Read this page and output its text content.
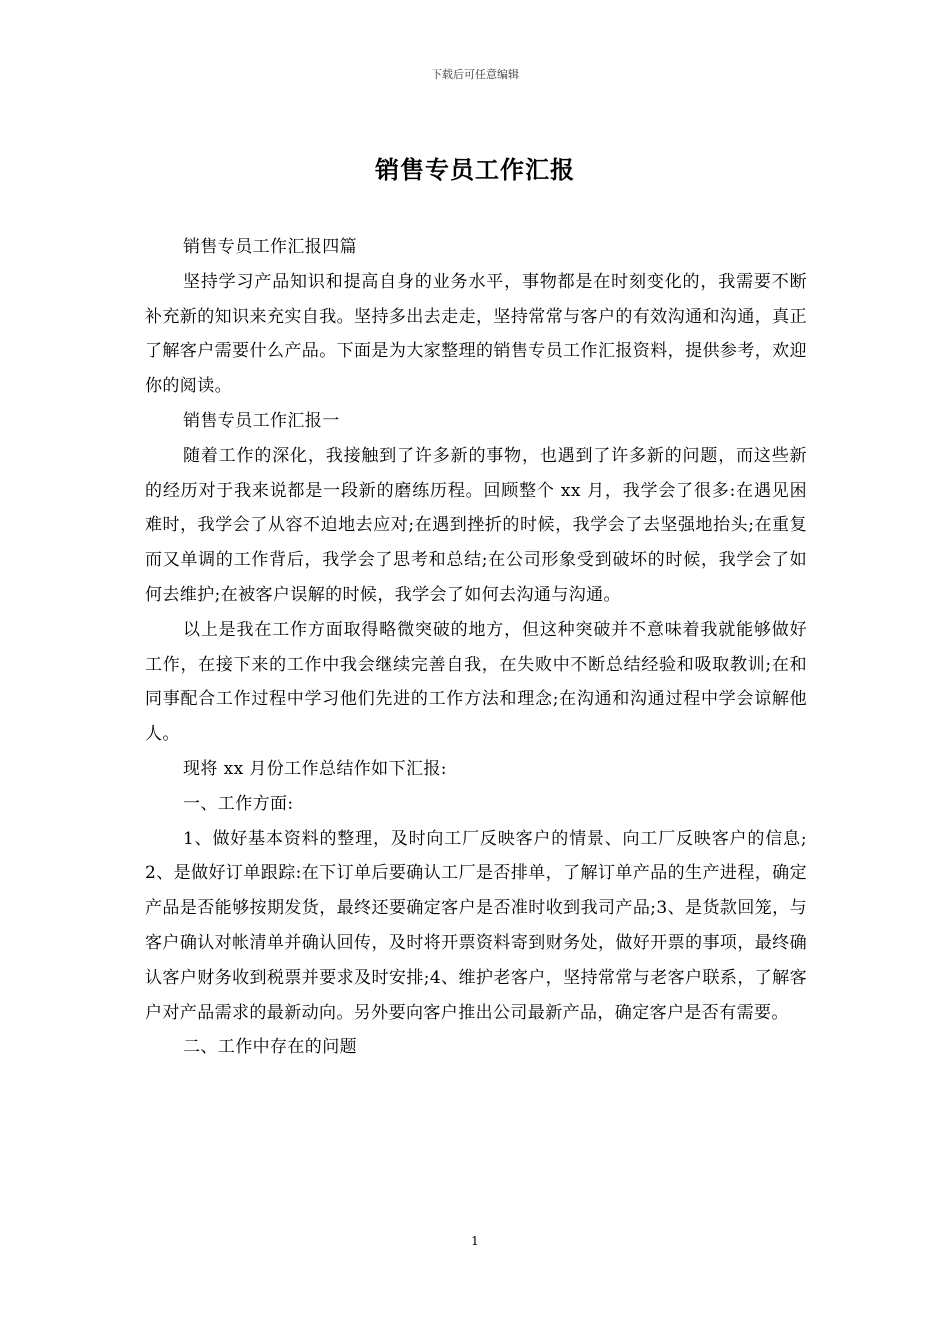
下载后可任意编辑
销售专员工作汇报

销售专员工作汇报四篇

坚持学习产品知识和提高自身的业务水平，事物都是在时刻变化的，我需要不断补充新的知识来充实自我。坚持多出去走走，坚持常常与客户的有效沟通和沟通，真正了解客户需要什么产品。下面是为大家整理的销售专员工作汇报资料，提供参考，欢迎你的阅读。

销售专员工作汇报一

随着工作的深化，我接触到了许多新的事物，也遇到了许多新的问题，而这些新的经历对于我来说都是一段新的磨练历程。回顾整个 xx 月，我学会了很多:在遇见困难时，我学会了从容不迫地去应对;在遇到挫折的时候，我学会了去坚强地抬头;在重复而又单调的工作背后，我学会了思考和总结;在公司形象受到破坏的时候，我学会了如何去维护;在被客户误解的时候，我学会了如何去沟通与沟通。

以上是我在工作方面取得略微突破的地方，但这种突破并不意味着我就能够做好工作，在接下来的工作中我会继续完善自我，在失败中不断总结经验和吸取教训;在和同事配合工作过程中学习他们先进的工作方法和理念;在沟通和沟通过程中学会谅解他人。

现将 xx 月份工作总结作如下汇报:

一、工作方面:

1、做好基本资料的整理，及时向工厂反映客户的情景、向工厂反映客户的信息;2、是做好订单跟踪:在下订单后要确认工厂是否排单，了解订单产品的生产进程，确定产品是否能够按期发货，最终还要确定客户是否准时收到我司产品;3、是货款回笼，与客户确认对帐清单并确认回传，及时将开票资料寄到财务处，做好开票的事项，最终确认客户财务收到税票并要求及时安排;4、维护老客户，坚持常常与老客户联系，了解客户对产品需求的最新动向。另外要向客户推出公司最新产品，确定客户是否有需要。

二、工作中存在的问题

1
